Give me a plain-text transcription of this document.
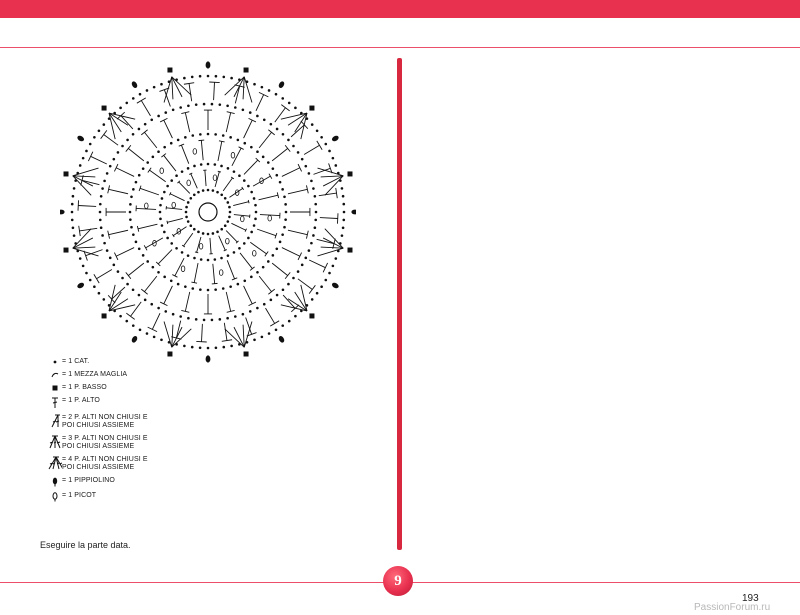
= 1 CAT.
= 1 MEZZA MAGLIA
= 1 P. BASSO
= 1 P. ALTO
= 2 P. ALTI NON CHIUSI E
POI CHIUSI ASSIEME
= 3 P. ALTI NON CHIUSI E
POI CHIUSI ASSIEME
= 4 P. ALTI NON CHIUSI E
POI CHIUSI ASSIEME
= 1 PIPPIOLINO
= 1 PICOT
Eseguire la parte data.
9
193
PassionForum.ru
